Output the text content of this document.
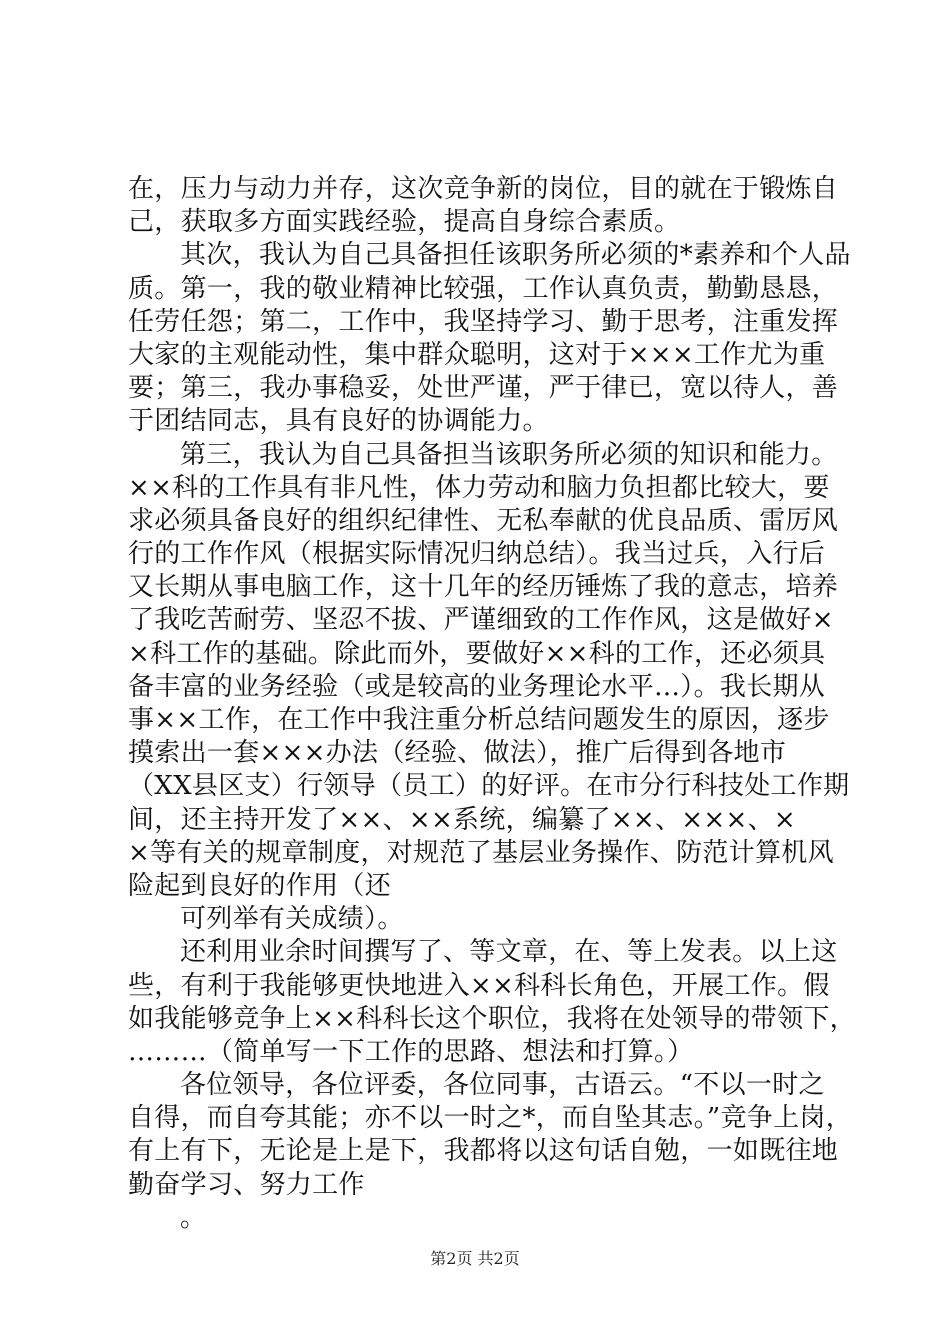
在，压力与动力并存，这次竞争新的岗位，目的就在于锻炼自
己，获取多方面实践经验，提高自身综合素质。
其次，我认为自己具备担任该职务所必须的*素养和个人品
质。第一，我的敬业精神比较强，工作认真负责，勤勤恳恳，
任劳任怨；第二，工作中，我坚持学习、勤于思考，注重发挥
大家的主观能动性，集中群众聪明，这对于×××工作尤为重
要；第三，我办事稳妥，处世严谨，严于律已，宽以待人，善
于团结同志，具有良好的协调能力。
第三，我认为自己具备担当该职务所必须的知识和能力。
××科的工作具有非凡性，体力劳动和脑力负担都比较大，要
求必须具备良好的组织纪律性、无私奉献的优良品质、雷厉风
行的工作作风（根据实际情况归纳总结）。我当过兵，入行后
又长期从事电脑工作，这十几年的经历锤炼了我的意志，培养
了我吃苦耐劳、坚忍不拔、严谨细致的工作作风，这是做好×
×科工作的基础。除此而外，要做好××科的工作，还必须具
备丰富的业务经验（或是较高的业务理论水平…）。我长期从
事××工作，在工作中我注重分析总结问题发生的原因，逐步
摸索出一套×××办法（经验、做法），推广后得到各地市
（XX县区支）行领导（员工）的好评。在市分行科技处工作期
间，还主持开发了××、××系统，编纂了××、×××、×
×等有关的规章制度，对规范了基层业务操作、防范计算机风
险起到良好的作用（还
可列举有关成绩）。
还利用业余时间撰写了、等文章，在、等上发表。以上这
些，有利于我能够更快地进入××科科长角色，开展工作。假
如我能够竞争上××科科长这个职位，我将在处领导的带领下，
………（简单写一下工作的思路、想法和打算。）
各位领导，各位评委，各位同事，古语云。“不以一时之
自得，而自夸其能；亦不以一时之*，而自坠其志。”竞争上岗，
有上有下，无论是上是下，我都将以这句话自勉，一如既往地
勤奋学习、努力工作
。
第2页 共2页
